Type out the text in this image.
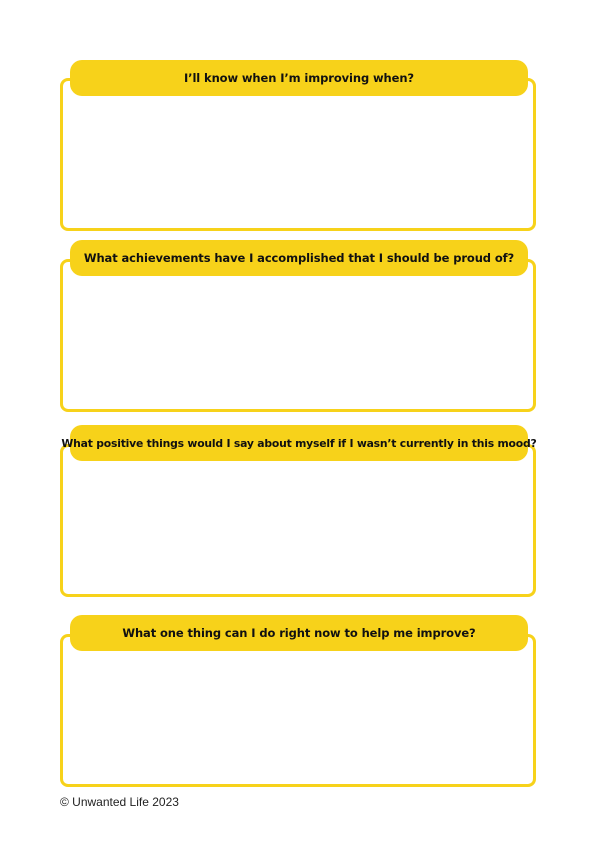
I’ll know when I’m improving when?
What achievements have I accomplished that I should be proud of?
What positive things would I say about myself if I wasn’t currently in this mood?
What one thing can I do right now to help me improve?
© Unwanted Life 2023
